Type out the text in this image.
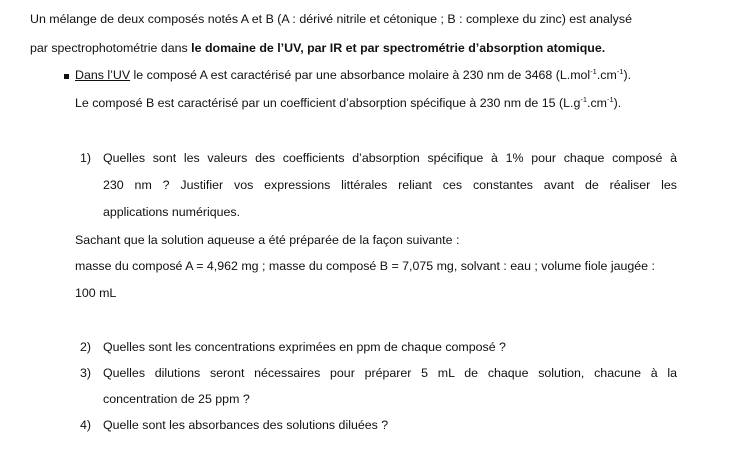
Un mélange de deux composés notés A et B (A : dérivé nitrile et cétonique ; B : complexe du zinc) est analysé
par spectrophotométrie dans le domaine de l’UV, par IR et par spectrométrie d’absorption atomique.
Dans l’UV le composé A est caractérisé par une absorbance molaire à 230 nm de 3468 $(L.mol^{-1}.cm^{-1})$.
Le composé B est caractérisé par un coefficient d’absorption spécifique à 230 nm de 15 $(L.g^{-1}.cm^{-1})$.
1) Quelles sont les valeurs des coefficients d’absorption spécifique à 1% pour chaque composé à
230 nm ? Justifier vos expressions littérales reliant ces constantes avant de réaliser les
applications numériques.
Sachant que la solution aqueuse a été préparée de la façon suivante :
masse du composé A = 4,962 mg ; masse du composé B = 7,075 mg, solvant : eau ; volume fiole jaugée :
100 mL
2) Quelles sont les concentrations exprimées en ppm de chaque composé ?
3) Quelles dilutions seront nécessaires pour préparer 5 mL de chaque solution, chacune à la
concentration de 25 ppm ?
4) Quelle sont les absorbances des solutions diluées ?
